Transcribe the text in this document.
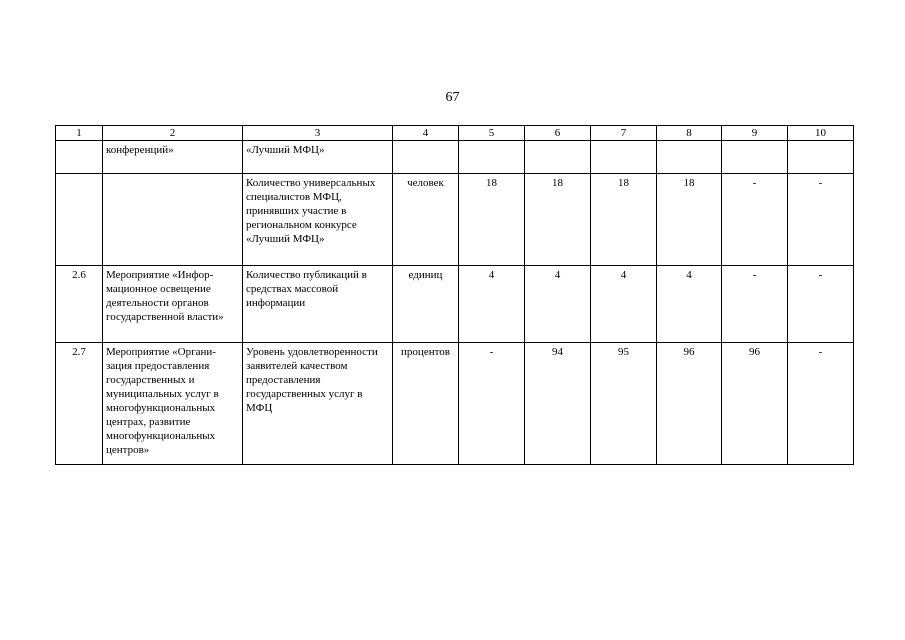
67
1	2	3	4	5	6	7	8	9	10
	конференций»	«Лучший МФЦ»							
		Количество универсальных специалистов МФЦ, принявших участие в региональном конкурсе «Лучший МФЦ»	человек	18	18	18	18	-	-
2.6	Мероприятие «Инфор-мационное освещение деятельности органов государственной власти»	Количество публикаций в средствах массовой информации	единиц	4	4	4	4	-	-
2.7	Мероприятие «Органи-зация предоставления государственных и муниципальных услуг в многофункциональных центрах, развитие многофункциональных центров»	Уровень удовлетворенности заявителей качеством предоставления государственных услуг в МФЦ	процентов	-	94	95	96	96	-
